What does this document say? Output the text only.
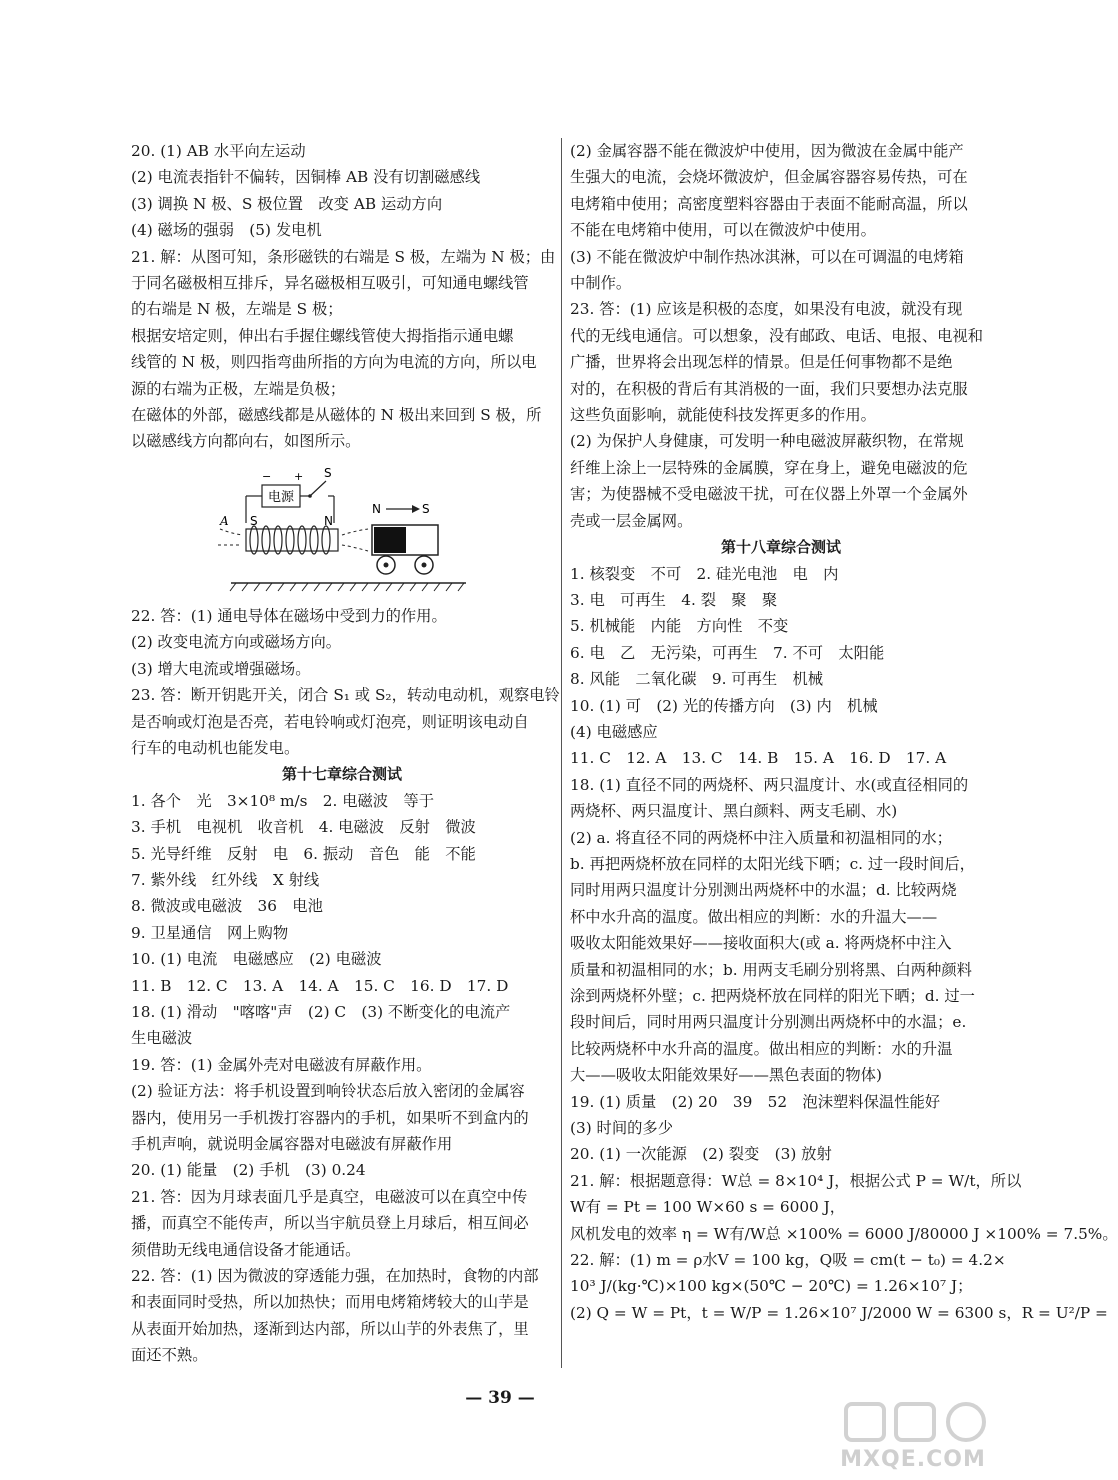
20. (1) AB 水平向左运动
(2) 电流表指针不偏转，因铜棒 AB 没有切割磁感线
(3) 调换 N 极、S 极位置　改变 AB 运动方向
(4) 磁场的强弱　(5) 发电机
21. 解：从图可知，条形磁铁的右端是 S 极，左端为 N 极；由
于同名磁极相互排斥，异名磁极相互吸引，可知通电螺线管
的右端是 N 极，左端是 S 极；
根据安培定则，伸出右手握住螺线管使大拇指指示通电螺
线管的 N 极，则四指弯曲所指的方向为电流的方向，所以电
源的右端为正极，左端是负极；
在磁体的外部，磁感线都是从磁体的 N 极出来回到 S 极，所
以磁感线方向都向右，如图所示。
电源
− + S
S	N
A
N	S
22. 答：(1) 通电导体在磁场中受到力的作用。
(2) 改变电流方向或磁场方向。
(3) 增大电流或增强磁场。
23. 答：断开钥匙开关，闭合 S₁ 或 S₂，转动电动机，观察电铃
是否响或灯泡是否亮，若电铃响或灯泡亮，则证明该电动自
行车的电动机也能发电。
第十七章综合测试
1. 各个　光　3×10⁸ m/s　2. 电磁波　等于
3. 手机　电视机　收音机　4. 电磁波　反射　微波
5. 光导纤维　反射　电　6. 振动　音色　能　不能
7. 紫外线　红外线　X 射线
8. 微波或电磁波　36　电池
9. 卫星通信　网上购物
10. (1) 电流　电磁感应　(2) 电磁波
11. B　12. C　13. A　14. A　15. C　16. D　17. D
18. (1) 滑动　"喀喀"声　(2) C　(3) 不断变化的电流产
生电磁波
19. 答：(1) 金属外壳对电磁波有屏蔽作用。
(2) 验证方法：将手机设置到响铃状态后放入密闭的金属容
器内，使用另一手机拨打容器内的手机，如果听不到盒内的
手机声响，就说明金属容器对电磁波有屏蔽作用
20. (1) 能量　(2) 手机　(3) 0.24
21. 答：因为月球表面几乎是真空，电磁波可以在真空中传
播，而真空不能传声，所以当宇航员登上月球后，相互间必
须借助无线电通信设备才能通话。
22. 答：(1) 因为微波的穿透能力强，在加热时，食物的内部
和表面同时受热，所以加热快；而用电烤箱烤较大的山芋是
从表面开始加热，逐渐到达内部，所以山芋的外表焦了，里
面还不熟。
(2) 金属容器不能在微波炉中使用，因为微波在金属中能产
生强大的电流，会烧坏微波炉，但金属容器容易传热，可在
电烤箱中使用；高密度塑料容器由于表面不能耐高温，所以
不能在电烤箱中使用，可以在微波炉中使用。
(3) 不能在微波炉中制作热冰淇淋，可以在可调温的电烤箱
中制作。
23. 答：(1) 应该是积极的态度，如果没有电波，就没有现
代的无线电通信。可以想象，没有邮政、电话、电报、电视和
广播，世界将会出现怎样的情景。但是任何事物都不是绝
对的，在积极的背后有其消极的一面，我们只要想办法克服
这些负面影响，就能使科技发挥更多的作用。
(2) 为保护人身健康，可发明一种电磁波屏蔽织物，在常规
纤维上涂上一层特殊的金属膜，穿在身上，避免电磁波的危
害；为使器械不受电磁波干扰，可在仪器上外罩一个金属外
壳或一层金属网。
第十八章综合测试
1. 核裂变　不可　2. 硅光电池　电　内
3. 电　可再生　4. 裂　聚　聚
5. 机械能　内能　方向性　不变
6. 电　乙　无污染，可再生　7. 不可　太阳能
8. 风能　二氧化碳　9. 可再生　机械
10. (1) 可　(2) 光的传播方向　(3) 内　机械
(4) 电磁感应
11. C　12. A　13. C　14. B　15. A　16. D　17. A
18. (1) 直径不同的两烧杯、两只温度计、水(或直径相同的
两烧杯、两只温度计、黑白颜料、两支毛刷、水)
(2) a. 将直径不同的两烧杯中注入质量和初温相同的水；
b. 再把两烧杯放在同样的太阳光线下晒；c. 过一段时间后，
同时用两只温度计分别测出两烧杯中的水温；d. 比较两烧
杯中水升高的温度。做出相应的判断：水的升温大——
吸收太阳能效果好——接收面积大(或 a. 将两烧杯中注入
质量和初温相同的水；b. 用两支毛刷分别将黑、白两种颜料
涂到两烧杯外壁；c. 把两烧杯放在同样的阳光下晒；d. 过一
段时间后，同时用两只温度计分别测出两烧杯中的水温；e.
比较两烧杯中水升高的温度。做出相应的判断：水的升温
大——吸收太阳能效果好——黑色表面的物体)
19. (1) 质量　(2) 20　39　52　泡沫塑料保温性能好
(3) 时间的多少
20. (1) 一次能源　(2) 裂变　(3) 放射
21. 解：根据题意得：W总 = 8×10⁴ J，根据公式 P = W/t，所以
W有 = Pt = 100 W×60 s = 6000 J，
风机发电的效率 η = W有/W总 ×100% = 6000 J/80000 J ×100% = 7.5%。
22. 解：(1) m = ρ水V = 100 kg，Q吸 = cm(t − t₀) = 4.2×
10³ J/(kg·℃)×100 kg×(50℃ − 20℃) = 1.26×10⁷ J；
(2) Q = W = Pt，t = W/P = 1.26×10⁷ J/2000 W = 6300 s，R = U²/P =
— 39 —
MXQE.COM
